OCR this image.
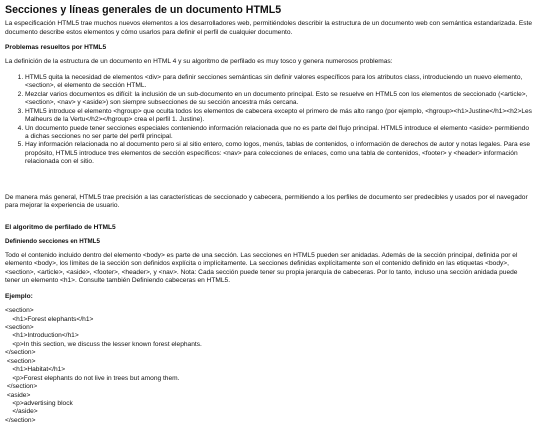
Secciones y líneas generales de un documento HTML5

La especificación HTML5 trae muchos nuevos elementos a los desarrolladores web, permitiéndoles describir la estructura de un documento web con semántica estandarizada. Este documento describe estos elementos y cómo usarlos para definir el perfil de cualquier documento.

Problemas resueltos por HTML5

La definición de la estructura de un documento en HTML 4 y su algoritmo de perfilado es muy tosco y genera numerosos problemas:

1. HTML5 quita la necesidad de elementos <div> para definir secciones semánticas sin definir valores específicos para los atributos class, introduciendo un nuevo elemento, <section>, el elemento de sección HTML.
2. Mezclar varios documentos es difícil: la inclusión de un sub-documento en un documento principal. Esto se resuelve en HTML5 con los elementos de seccionado (<article>, <section>, <nav> y <aside>) son siempre subsecciones de su sección ancestra más cercana.
3. HTML5 introduce el elemento <hgroup> que oculta todos los elementos de cabecera excepto el primero de más alto rango (por ejemplo, <hgroup><h1>Justine</h1><h2>Les Malheurs de la Vertu</h2></hgroup> crea el perfil 1. Justine).
4. Un documento puede tener secciones especiales conteniendo información relacionada que no es parte del flujo principal. HTML5 introduce el elemento <aside> permitiendo a dichas secciones no ser parte del perfil principal.
5. Hay información relacionada no al documento pero si al sitio entero, como logos, menús, tablas de contenidos, o información de derechos de autor y notas legales. Para ese propósito, HTML5 introduce tres elementos de sección específicos: <nav> para colecciones de enlaces, como una tabla de contenidos, <footer> y <header> información relacionada con el sitio.

De manera más general, HTML5 trae precisión a las características de seccionado y cabecera, permitiendo a los perfiles de documento ser predecibles y usados por el navegador para mejorar la experiencia de usuario.

El algoritmo de perfilado de HTML5
Definiendo secciones en HTML5

Todo el contenido incluido dentro del elemento <body> es parte de una sección. Las secciones en HTML5 pueden ser anidadas. Además de la sección principal, definida por el elemento <body>, los límites de la sección son definidos explícita o implícitamente. La secciones definidas explícitamente son el contenido definido en las etiquetas <body>, <section>, <article>, <aside>, <footer>, <header>, y <nav>. Nota: Cada sección puede tener su propia jerarquía de cabeceras. Por lo tanto, incluso una sección anidada puede tener un elemento <h1>. Consulte también Definiendo cabeceras en HTML5.

Ejemplo:
<section>
<h1>Forest elephants</h1>
<section>
<h1>Introduction</h1>
<p>In this section, we discuss the lesser known forest elephants.
</section>
<section>
<h1>Habitat</h1>
<p>Forest elephants do not live in trees but among them.
</section>
<aside>
<p>advertising block
</aside>
</section>
